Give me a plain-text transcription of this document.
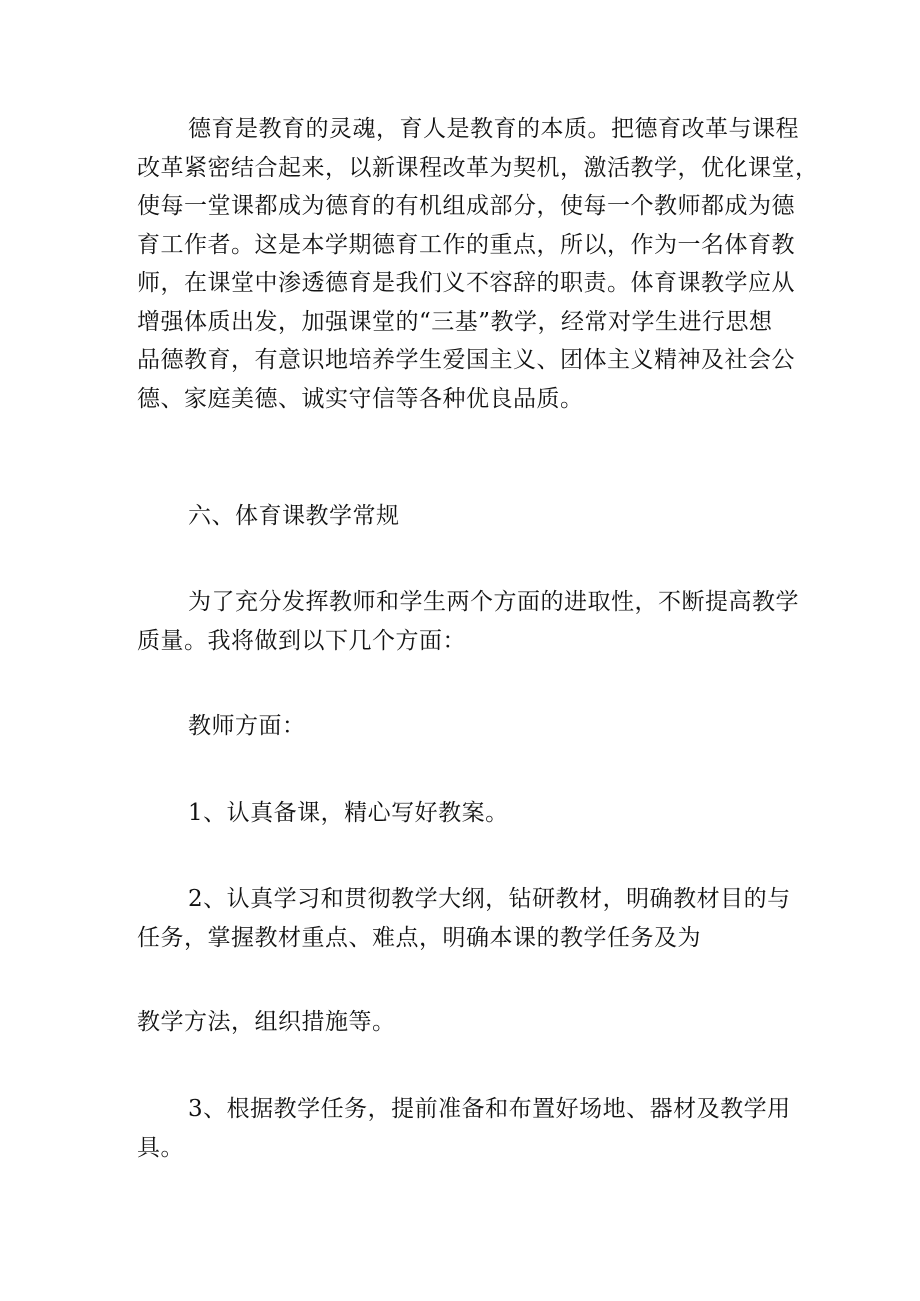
德育是教育的灵魂，育人是教育的本质。把德育改革与课程
改革紧密结合起来，以新课程改革为契机，激活教学，优化课堂，
使每一堂课都成为德育的有机组成部分，使每一个教师都成为德
育工作者。这是本学期德育工作的重点，所以，作为一名体育教
师，在课堂中渗透德育是我们义不容辞的职责。体育课教学应从
增强体质出发，加强课堂的“三基”教学，经常对学生进行思想
品德教育，有意识地培养学生爱国主义、团体主义精神及社会公
德、家庭美德、诚实守信等各种优良品质。
六、体育课教学常规
为了充分发挥教师和学生两个方面的进取性，不断提高教学
质量。我将做到以下几个方面：
教师方面：
1、认真备课，精心写好教案。
2、认真学习和贯彻教学大纲，钻研教材，明确教材目的与
任务，掌握教材重点、难点，明确本课的教学任务及为
教学方法，组织措施等。
3、根据教学任务，提前准备和布置好场地、器材及教学用
具。
